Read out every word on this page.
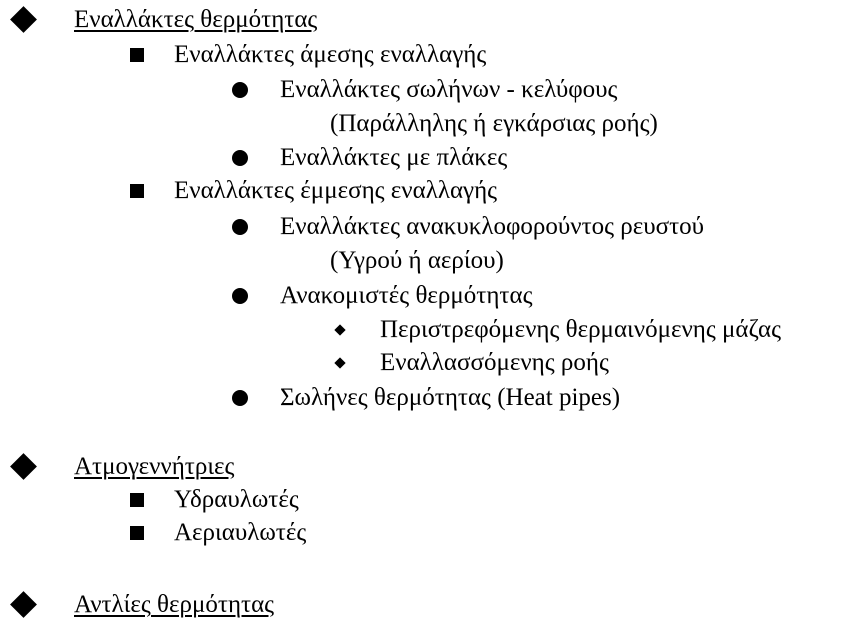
Εναλλάκτες θερμότητας
Εναλλάκτες άμεσης εναλλαγής
Εναλλάκτες σωλήνων - κελύφους
(Παράλληλης ή εγκάρσιας ροής)
Εναλλάκτες με πλάκες
Εναλλάκτες έμμεσης εναλλαγής
Εναλλάκτες ανακυκλοφορούντος ρευστού
(Υγρού ή αερίου)
Ανακομιστές θερμότητας
Περιστρεφόμενης θερμαινόμενης μάζας
Εναλλασσόμενης ροής
Σωλήνες θερμότητας (Heat pipes)
Ατμογεννήτριες
Υδραυλωτές
Αεριαυλωτές
Αντλίες θερμότητας
